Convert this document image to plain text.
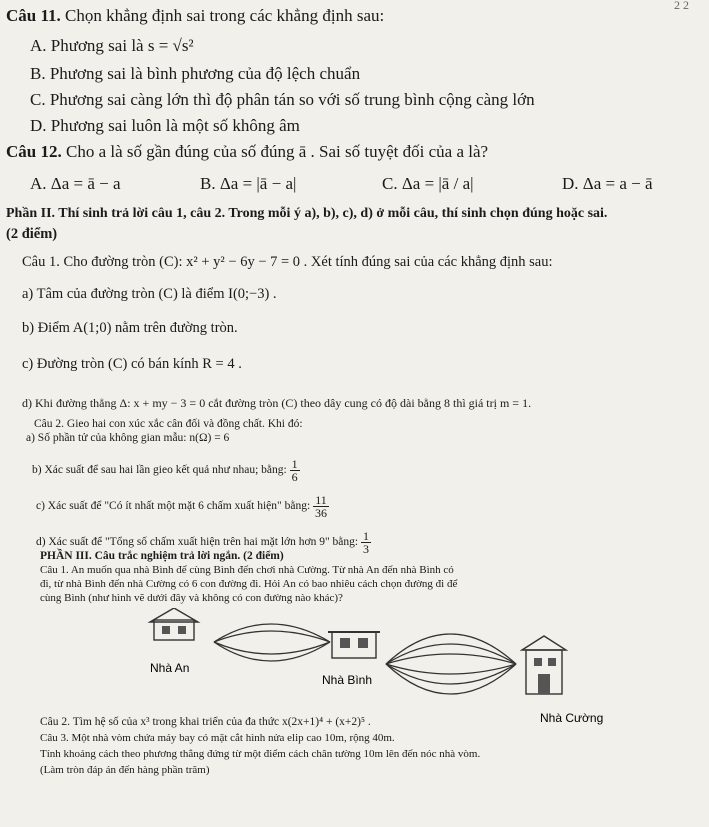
2 2
Câu 11. Chọn khẳng định sai trong các khẳng định sau:
A. Phương sai là s = √s²
B. Phương sai là bình phương của độ lệch chuẩn
C. Phương sai càng lớn thì độ phân tán so với số trung bình cộng càng lớn
D. Phương sai luôn là một số không âm
Câu 12. Cho a là số gần đúng của số đúng ā . Sai số tuyệt đối của a là?
A. Δa = ā − a	B. Δa = |ā − a|	C. Δa = |ā / a|	D. Δa = a − ā
Phần II. Thí sinh trả lời câu 1, câu 2. Trong mỗi ý a), b), c), d) ở mỗi câu, thí sinh chọn đúng hoặc sai.
(2 điểm)
Câu 1. Cho đường tròn (C): x² + y² − 6y − 7 = 0 . Xét tính đúng sai của các khẳng định sau:
a) Tâm của đường tròn (C) là điểm I(0;−3) .
b) Điểm A(1;0) nằm trên đường tròn.
c) Đường tròn (C) có bán kính R = 4 .
d) Khi đường thẳng Δ: x + my − 3 = 0 cắt đường tròn (C) theo dây cung có độ dài bằng 8 thì giá trị m = 1.
Câu 2. Gieo hai con xúc xắc cân đối và đồng chất. Khi đó:
a) Số phần tử của không gian mẫu: n(Ω) = 6
b) Xác suất để sau hai lần gieo kết quả như nhau; bằng: $\frac{1}{6}$
c) Xác suất để "Có ít nhất một mặt 6 chấm xuất hiện" bằng: $\frac{11}{36}$
d) Xác suất để "Tổng số chấm xuất hiện trên hai mặt lớn hơn 9" bằng: $\frac{1}{3}$
PHẦN III. Câu trắc nghiệm trả lời ngắn. (2 điểm)
Câu 1. An muốn qua nhà Bình để cùng Bình đến chơi nhà Cường. Từ nhà An đến nhà Bình có
đi, từ nhà Bình đến nhà Cường có 6 con đường đi. Hỏi An có bao nhiêu cách chọn đường đi để
cùng Bình (như hình vẽ dưới đây và không có con đường nào khác)?
Nhà An
Nhà Bình
Nhà Cường
Câu 2. Tìm hệ số của x³ trong khai triển của đa thức x(2x+1)⁴ + (x+2)⁵ .
Câu 3. Một nhà vòm chứa máy bay có mặt cắt hình nửa elip cao 10m, rộng 40m.
Tính khoảng cách theo phương thẳng đứng từ một điểm cách chân tường 10m lên đến nóc nhà vòm.
(Làm tròn đáp án đến hàng phần trăm)
